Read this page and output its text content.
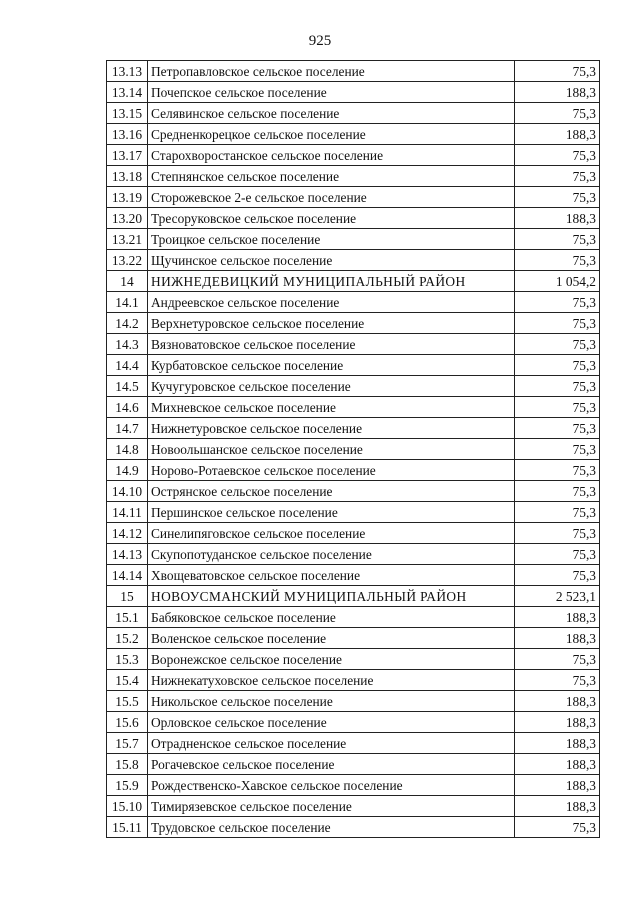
925
13.13	Петропавловское сельское поселение	75,3
13.14	Почепское сельское поселение	188,3
13.15	Селявинское сельское поселение	75,3
13.16	Средненкорецкое сельское поселение	188,3
13.17	Старохворостанское сельское поселение	75,3
13.18	Степнянское сельское поселение	75,3
13.19	Сторожевское 2-е сельское поселение	75,3
13.20	Тресоруковское сельское поселение	188,3
13.21	Троицкое сельское поселение	75,3
13.22	Щучинское сельское поселение	75,3
14	НИЖНЕДЕВИЦКИЙ МУНИЦИПАЛЬНЫЙ РАЙОН	1 054,2
14.1	Андреевское сельское поселение	75,3
14.2	Верхнетуровское сельское поселение	75,3
14.3	Вязноватовское сельское поселение	75,3
14.4	Курбатовское сельское поселение	75,3
14.5	Кучугуровское сельское поселение	75,3
14.6	Михневское сельское поселение	75,3
14.7	Нижнетуровское сельское поселение	75,3
14.8	Новоольшанское сельское поселение	75,3
14.9	Норово-Ротаевское сельское поселение	75,3
14.10	Острянское сельское поселение	75,3
14.11	Першинское сельское поселение	75,3
14.12	Синелипяговское сельское поселение	75,3
14.13	Скупопотуданское сельское поселение	75,3
14.14	Хвощеватовское сельское поселение	75,3
15	НОВОУСМАНСКИЙ МУНИЦИПАЛЬНЫЙ РАЙОН	2 523,1
15.1	Бабяковское сельское поселение	188,3
15.2	Воленское сельское поселение	188,3
15.3	Воронежское сельское поселение	75,3
15.4	Нижнекатуховское сельское поселение	75,3
15.5	Никольское сельское поселение	188,3
15.6	Орловское сельское поселение	188,3
15.7	Отрадненское сельское поселение	188,3
15.8	Рогачевское сельское поселение	188,3
15.9	Рождественско-Хавское сельское поселение	188,3
15.10	Тимирязевское сельское поселение	188,3
15.11	Трудовское сельское поселение	75,3
